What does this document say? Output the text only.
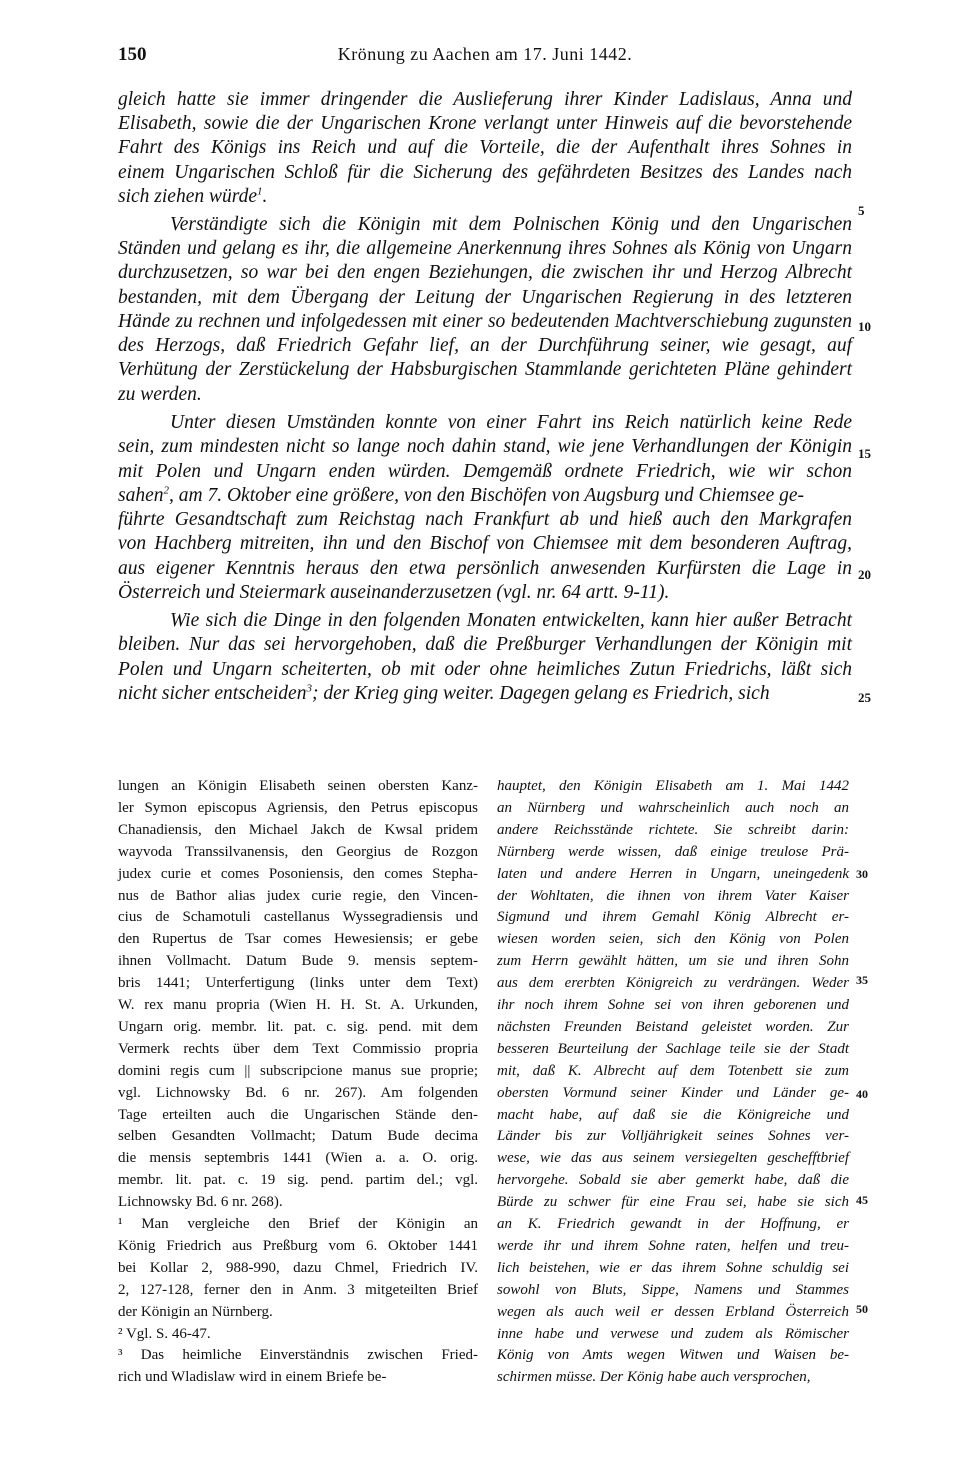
150	Krönung zu Aachen am 17. Juni 1442.
gleich hatte sie immer dringender die Auslieferung ihrer Kinder Ladislaus, Anna und
Elisabeth, sowie die der Ungarischen Krone verlangt unter Hinweis auf die bevorstehende
Fahrt des Königs ins Reich und auf die Vorteile, die der Aufenthalt ihres Sohnes in
einem Ungarischen Schloß für die Sicherung des gefährdeten Besitzes des Landes nach
sich ziehen würde$^1$.
Verständigte sich die Königin mit dem Polnischen König und den Ungarischen
Ständen und gelang es ihr, die allgemeine Anerkennung ihres Sohnes als König von Ungarn
durchzusetzen, so war bei den engen Beziehungen, die zwischen ihr und Herzog Albrecht
bestanden, mit dem Übergang der Leitung der Ungarischen Regierung in des letzteren
Hände zu rechnen und infolgedessen mit einer so bedeutenden Machtverschiebung zugunsten
des Herzogs, daß Friedrich Gefahr lief, an der Durchführung seiner, wie gesagt, auf
Verhütung der Zerstückelung der Habsburgischen Stammlande gerichteten Pläne gehindert
zu werden.
Unter diesen Umständen konnte von einer Fahrt ins Reich natürlich keine Rede
sein, zum mindesten nicht so lange noch dahin stand, wie jene Verhandlungen der Königin
mit Polen und Ungarn enden würden. Demgemäß ordnete Friedrich, wie wir schon
sahen$^2$, am 7. Oktober eine größere, von den Bischöfen von Augsburg und Chiemsee ge-
führte Gesandtschaft zum Reichstag nach Frankfurt ab und hieß auch den Markgrafen
von Hachberg mitreiten, ihn und den Bischof von Chiemsee mit dem besonderen Auftrag,
aus eigener Kenntnis heraus den etwa persönlich anwesenden Kurfürsten die Lage in
Österreich und Steiermark auseinanderzusetzen (vgl. nr. 64 artt. 9-11).
Wie sich die Dinge in den folgenden Monaten entwickelten, kann hier außer Betracht
bleiben. Nur das sei hervorgehoben, daß die Preßburger Verhandlungen der Königin mit
Polen und Ungarn scheiterten, ob mit oder ohne heimliches Zutun Friedrichs, läßt sich
nicht sicher entscheiden$^3$; der Krieg ging weiter. Dagegen gelang es Friedrich, sich
5
10
15
20
25
30
35
40
45
50
lungen an Königin Elisabeth seinen obersten Kanz-
ler Symon episcopus Agriensis, den Petrus episcopus
Chanadiensis, den Michael Jakch de Kwsal pridem
wayvoda Transsilvanensis, den Georgius de Rozgon
judex curie et comes Posoniensis, den comes Stepha-
nus de Bathor alias judex curie regie, den Vincen-
cius de Schamotuli castellanus Wyssegradiensis und
den Rupertus de Tsar comes Hewesiensis; er gebe
ihnen Vollmacht. Datum Bude 9. mensis septem-
bris 1441; Unterfertigung (links unter dem Text)
W. rex manu propria (Wien H. H. St. A. Urkunden,
Ungarn orig. membr. lit. pat. c. sig. pend. mit dem
Vermerk rechts über dem Text Commissio propria
domini regis cum || subscripcione manus sue proprie;
vgl. Lichnowsky Bd. 6 nr. 267). Am folgenden
Tage erteilten auch die Ungarischen Stände den-
selben Gesandten Vollmacht; Datum Bude decima
die mensis septembris 1441 (Wien a. a. O. orig.
membr. lit. pat. c. 19 sig. pend. partim del.; vgl.
Lichnowsky Bd. 6 nr. 268).
¹ Man vergleiche den Brief der Königin an
König Friedrich aus Preßburg vom 6. Oktober 1441
bei Kollar 2, 988-990, dazu Chmel, Friedrich IV.
2, 127-128, ferner den in Anm. 3 mitgeteilten Brief
der Königin an Nürnberg.
² Vgl. S. 46-47.
³ Das heimliche Einverständnis zwischen Fried-
rich und Wladislaw wird in einem Briefe be-
hauptet, den Königin Elisabeth am 1. Mai 1442
an Nürnberg und wahrscheinlich auch noch an
andere Reichsstände richtete. Sie schreibt darin:
Nürnberg werde wissen, daß einige treulose Prä-
laten und andere Herren in Ungarn, uneingedenk
der Wohltaten, die ihnen von ihrem Vater Kaiser
Sigmund und ihrem Gemahl König Albrecht er-
wiesen worden seien, sich den König von Polen
zum Herrn gewählt hätten, um sie und ihren Sohn
aus dem ererbten Königreich zu verdrängen. Weder
ihr noch ihrem Sohne sei von ihren geborenen und
nächsten Freunden Beistand geleistet worden. Zur
besseren Beurteilung der Sachlage teile sie der Stadt
mit, daß K. Albrecht auf dem Totenbett sie zum
obersten Vormund seiner Kinder und Länder ge-
macht habe, auf daß sie die Königreiche und
Länder bis zur Volljährigkeit seines Sohnes ver-
wese, wie das aus seinem versiegelten geschefftbrief
hervorgehe. Sobald sie aber gemerkt habe, daß die
Bürde zu schwer für eine Frau sei, habe sie sich
an K. Friedrich gewandt in der Hoffnung, er
werde ihr und ihrem Sohne raten, helfen und treu-
lich beistehen, wie er das ihrem Sohne schuldig sei
sowohl von Bluts, Sippe, Namens und Stammes
wegen als auch weil er dessen Erbland Österreich
inne habe und verwese und zudem als Römischer
König von Amts wegen Witwen und Waisen be-
schirmen müsse. Der König habe auch versprochen,
